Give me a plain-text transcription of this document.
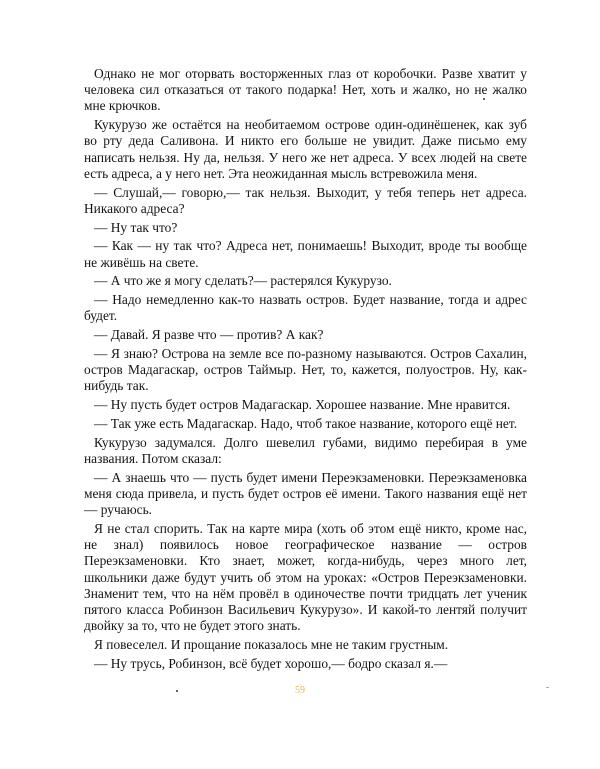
Однако не мог оторвать восторженных глаз от коробочки. Разве хватит у человека сил отказаться от такого подарка! Нет, хоть и жалко, но не жалко мне крючков.

Кукурузо же остаётся на необитаемом острове один-одинёшенек, как зуб во рту деда Саливона. И никто его больше не увидит. Даже письмо ему написать нельзя. Ну да, нельзя. У него же нет адреса. У всех людей на свете есть адреса, а у него нет. Эта неожиданная мысль встревожила меня.

— Слушай,— говорю,— так нельзя. Выходит, у тебя теперь нет адреса. Никакого адреса?

— Ну так что?

— Как — ну так что? Адреса нет, понимаешь! Выходит, вроде ты вообще не живёшь на свете.

— А что же я могу сделать?— растерялся Кукурузо.

— Надо немедленно как-то назвать остров. Будет название, тогда и адрес будет.

— Давай. Я разве что — против? А как?

— Я знаю? Острова на земле все по-разному называются. Остров Сахалин, остров Мадагаскар, остров Таймыр. Нет, то, кажется, полуостров. Ну, как-нибудь так.

— Ну пусть будет остров Мадагаскар. Хорошее название. Мне нравится.

— Так уже есть Мадагаскар. Надо, чтоб такое название, которого ещё нет.

Кукурузо задумался. Долго шевелил губами, видимо перебирая в уме названия. Потом сказал:

— А знаешь что — пусть будет имени Переэкзаменовки. Переэкзаменовка меня сюда привела, и пусть будет остров её имени. Такого названия ещё нет — ручаюсь.

Я не стал спорить. Так на карте мира (хоть об этом ещё никто, кроме нас, не знал) появилось новое географическое название — остров Переэкзаменовки. Кто знает, может, когда-нибудь, через много лет, школьники даже будут учить об этом на уроках: «Остров Переэкзаменовки. Знаменит тем, что на нём провёл в одиночестве почти тридцать лет ученик пятого класса Робинзон Васильевич Кукурузо». И какой-то лентяй получит двойку за то, что не будет этого знать.

Я повеселел. И прощание показалось мне не таким грустным.

— Ну трусь, Робинзон, всё будет хорошо,— бодро сказал я.—

59
